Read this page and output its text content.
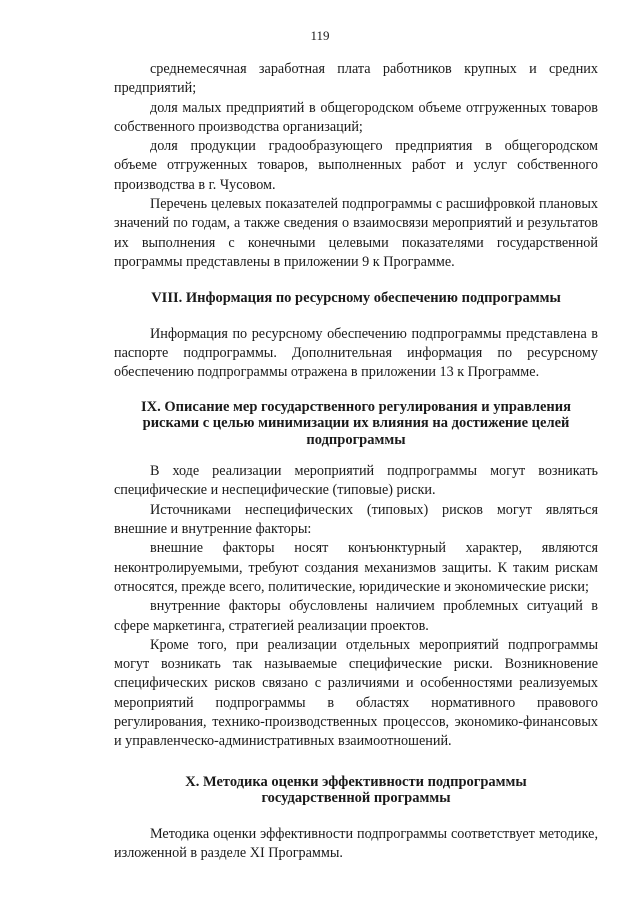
119

среднемесячная заработная плата работников крупных и средних предприятий;

доля малых предприятий в общегородском объеме отгруженных товаров собственного производства организаций;

доля продукции градообразующего предприятия в общегородском объеме отгруженных товаров, выполненных работ и услуг собственного производства в г. Чусовом.

Перечень целевых показателей подпрограммы с расшифровкой плановых значений по годам, а также сведения о взаимосвязи мероприятий и результатов их выполнения с конечными целевыми показателями государственной программы представлены в приложении 9 к Программе.

VIII. Информация по ресурсному обеспечению подпрограммы

Информация по ресурсному обеспечению подпрограммы представлена в паспорте подпрограммы. Дополнительная информация по ресурсному обеспечению подпрограммы отражена в приложении 13 к Программе.

IX. Описание мер государственного регулирования и управления рисками с целью минимизации их влияния на достижение целей подпрограммы

В ходе реализации мероприятий подпрограммы могут возникать специфические и неспецифические (типовые) риски.

Источниками неспецифических (типовых) рисков могут являться внешние и внутренние факторы:

внешние факторы носят конъюнктурный характер, являются неконтролируемыми, требуют создания механизмов защиты. К таким рискам относятся, прежде всего, политические, юридические и экономические риски;

внутренние факторы обусловлены наличием проблемных ситуаций в сфере маркетинга, стратегией реализации проектов.

Кроме того, при реализации отдельных мероприятий подпрограммы могут возникать так называемые специфические риски. Возникновение специфических рисков связано с различиями и особенностями реализуемых мероприятий подпрограммы в областях нормативного правового регулирования, технико-производственных процессов, экономико-финансовых и управленческо-административных взаимоотношений.

X. Методика оценки эффективности подпрограммы
государственной программы

Методика оценки эффективности подпрограммы соответствует методике, изложенной в разделе XI Программы.
